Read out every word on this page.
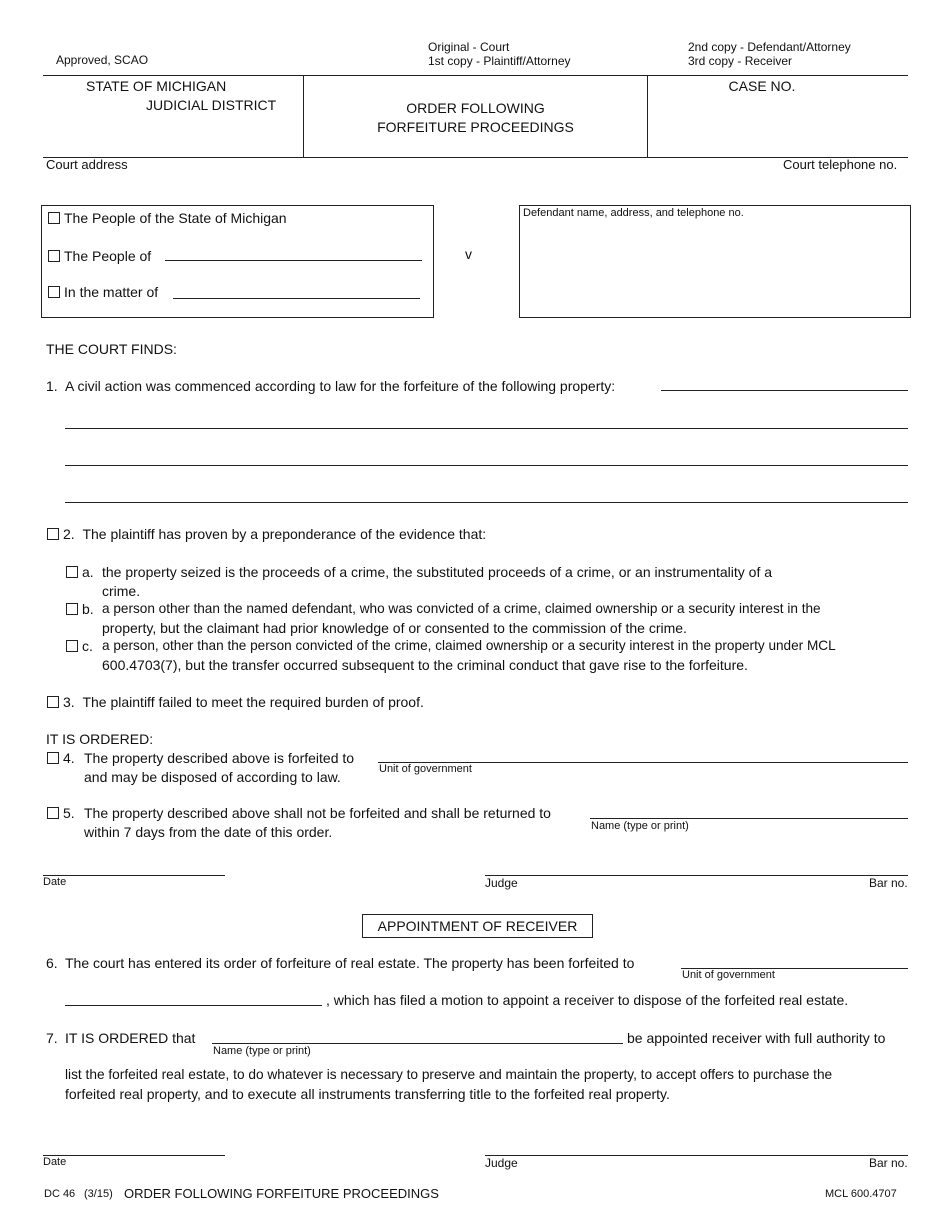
Approved, SCAO
Original - Court
1st copy - Plaintiff/Attorney
2nd copy - Defendant/Attorney
3rd copy - Receiver
STATE OF MICHIGAN
JUDICIAL DISTRICT	ORDER FOLLOWING
FORFEITURE PROCEEDINGS
CASE NO.
Court address	Court telephone no.
The People of the State of Michigan
The People of
In the matter of
v
Defendant name, address, and telephone no.
THE COURT FINDS:
1. A civil action was commenced according to law for the forfeiture of the following property:
2. The plaintiff has proven by a preponderance of the evidence that:
a. the property seized is the proceeds of a crime, the substituted proceeds of a crime, or an instrumentality of a
crime.
b. a person other than the named defendant, who was convicted of a crime, claimed ownership or a security interest in the
property, but the claimant had prior knowledge of or consented to the commission of the crime.
c. a person, other than the person convicted of the crime, claimed ownership or a security interest in the property under MCL
600.4703(7), but the transfer occurred subsequent to the criminal conduct that gave rise to the forfeiture.
3. The plaintiff failed to meet the required burden of proof.
IT IS ORDERED:
4. The property described above is forfeited to
and may be disposed of according to law.	Unit of government
5. The property described above shall not be forfeited and shall be returned to
within 7 days from the date of this order.	Name (type or print)
Date	Judge	Bar no.
APPOINTMENT OF RECEIVER
6. The court has entered its order of forfeiture of real estate. The property has been forfeited to
Unit of government
, which has filed a motion to appoint a receiver to dispose of the forfeited real estate.
7. IT IS ORDERED that
Name (type or print)
be appointed receiver with full authority to
list the forfeited real estate, to do whatever is necessary to preserve and maintain the property, to accept offers to purchase the
forfeited real property, and to execute all instruments transferring title to the forfeited real property.
Date	Judge	Bar no.
DC 46 (3/15) ORDER FOLLOWING FORFEITURE PROCEEDINGS	MCL 600.4707
